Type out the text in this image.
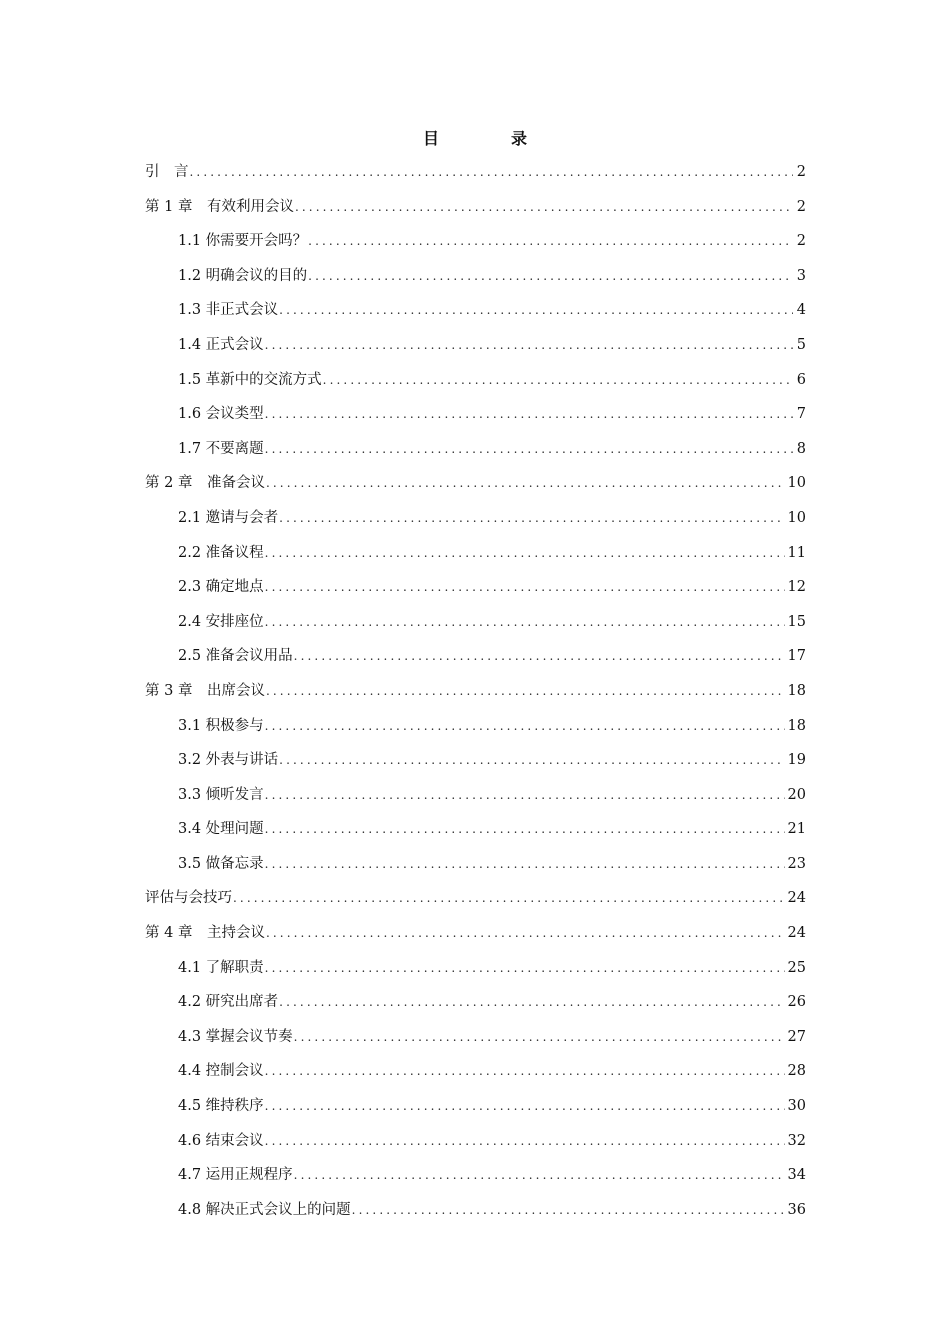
目　录
引　言 .....	2
第 1 章　有效利用会议 .....	2
1.1 你需要开会吗？ .....	2
1.2 明确会议的目的 .....	3
1.3 非正式会议 .....	4
1.4 正式会议 .....	5
1.5 革新中的交流方式 .....	6
1.6 会议类型 .....	7
1.7 不要离题 .....	8
第 2 章　准备会议 .....	10
2.1 邀请与会者 .....	10
2.2 准备议程 .....	11
2.3 确定地点 .....	12
2.4 安排座位 .....	15
2.5 准备会议用品 .....	17
第 3 章　出席会议 .....	18
3.1 积极参与 .....	18
3.2 外表与讲话 .....	19
3.3 倾听发言 .....	20
3.4 处理问题 .....	21
3.5 做备忘录 .....	23
评估与会技巧 .....	24
第 4 章　主持会议 .....	24
4.1 了解职责 .....	25
4.2 研究出席者 .....	26
4.3 掌握会议节奏 .....	27
4.4 控制会议 .....	28
4.5 维持秩序 .....	30
4.6 结束会议 .....	32
4.7 运用正规程序 .....	34
4.8 解决正式会议上的问题 .....	36
